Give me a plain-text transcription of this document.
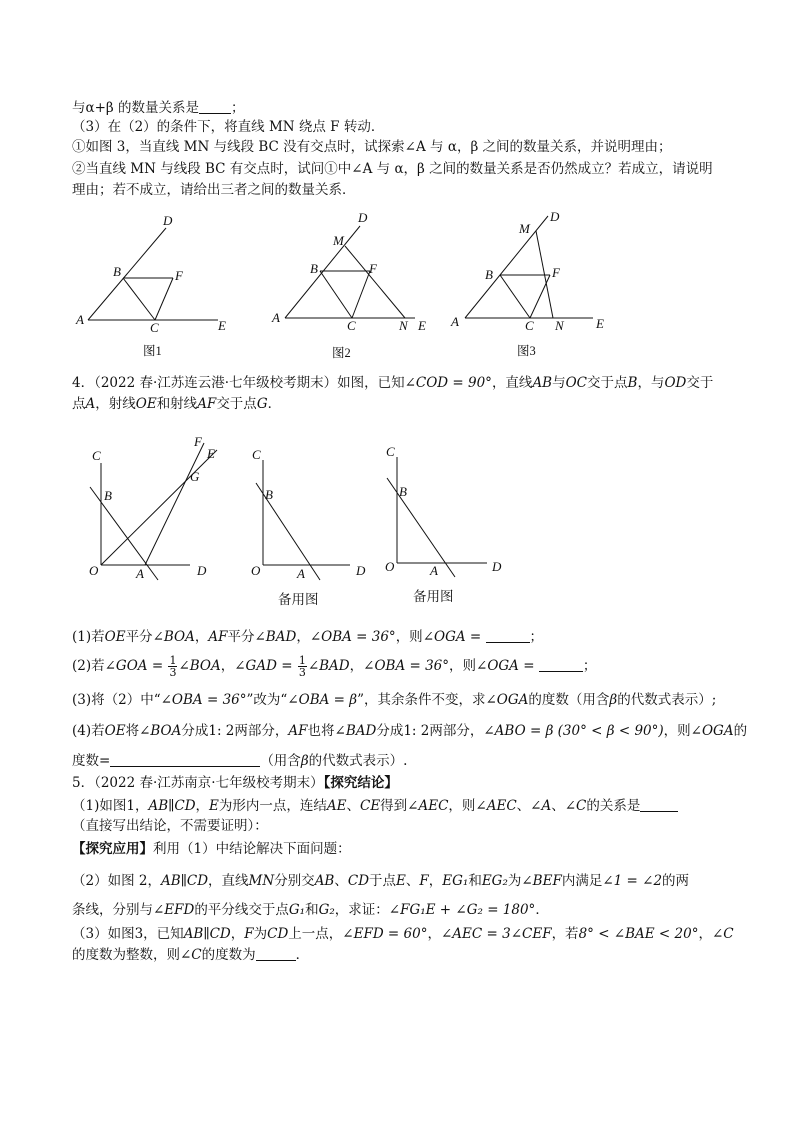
与α+β 的数量关系是 ；
（3）在（2）的条件下，将直线 MN 绕点 F 转动．
①如图 3，当直线 MN 与线段 BC 没有交点时，试探索∠A 与 α，β 之间的数量关系，并说明理由；
②当直线 MN 与线段 BC 有交点时，试问①中∠A 与 α，β 之间的数量关系是否仍然成立？若成立，请说明
理由；若不成立，请给出三者之间的数量关系．
D
B	F
A
C	E
图1
D
M
B	F
A
C	N E
图2
D
M
B	F
A	C N E
图3
4．（2022 春·江苏连云港·七年级校考期末）如图，已知∠COD = 90°，直线AB与OC交于点B，与OD交于
点A，射线OE和射线AF交于点G．
C
B
O	A	D
F
E
G
C
B
O	A	D
备用图
C
B
O	A	D
备用图
(1)若OE平分∠BOA，AF平分∠BAD，∠OBA = 36°，则∠OGA =	；
(2)若∠GOA = $\frac{1}{3}$ ∠BOA，∠GAD = $\frac{1}{3}$ ∠BAD，∠OBA = 36°，则∠OGA =	；
(3)将（2）中“∠OBA = 36°”改为“∠OBA = β”，其余条件不变，求∠OGA的度数（用含β的代数式表示）;
(4)若OE将∠BOA分成1: 2两部分，AF也将∠BAD分成1: 2两部分，∠ABO = β (30° < β < 90°)，则∠OGA的
度数=	（用含β的代数式表示）.
5．（2022 春·江苏南京·七年级校考期末）【探究结论】
（1)如图1，AB∥CD，E为形内一点，连结AE、CE得到∠AEC，则∠AEC、∠A、∠C的关系是
（直接写出结论，不需要证明）：
【探究应用】利用（1）中结论解决下面问题：
（2）如图 2，AB∥CD，直线MN分别交AB、CD于点E、F，EG₁和EG₂为∠BEF内满足∠1 = ∠2的两
条线，分别与∠EFD的平分线交于点G₁和G₂，求证：∠FG₁E + ∠G₂ = 180°．
（3）如图3，已知AB∥CD，F为CD上一点，∠EFD = 60°，∠AEC = 3∠CEF，若8° < ∠BAE < 20°，∠C
的度数为整数，则∠C的度数为	．
